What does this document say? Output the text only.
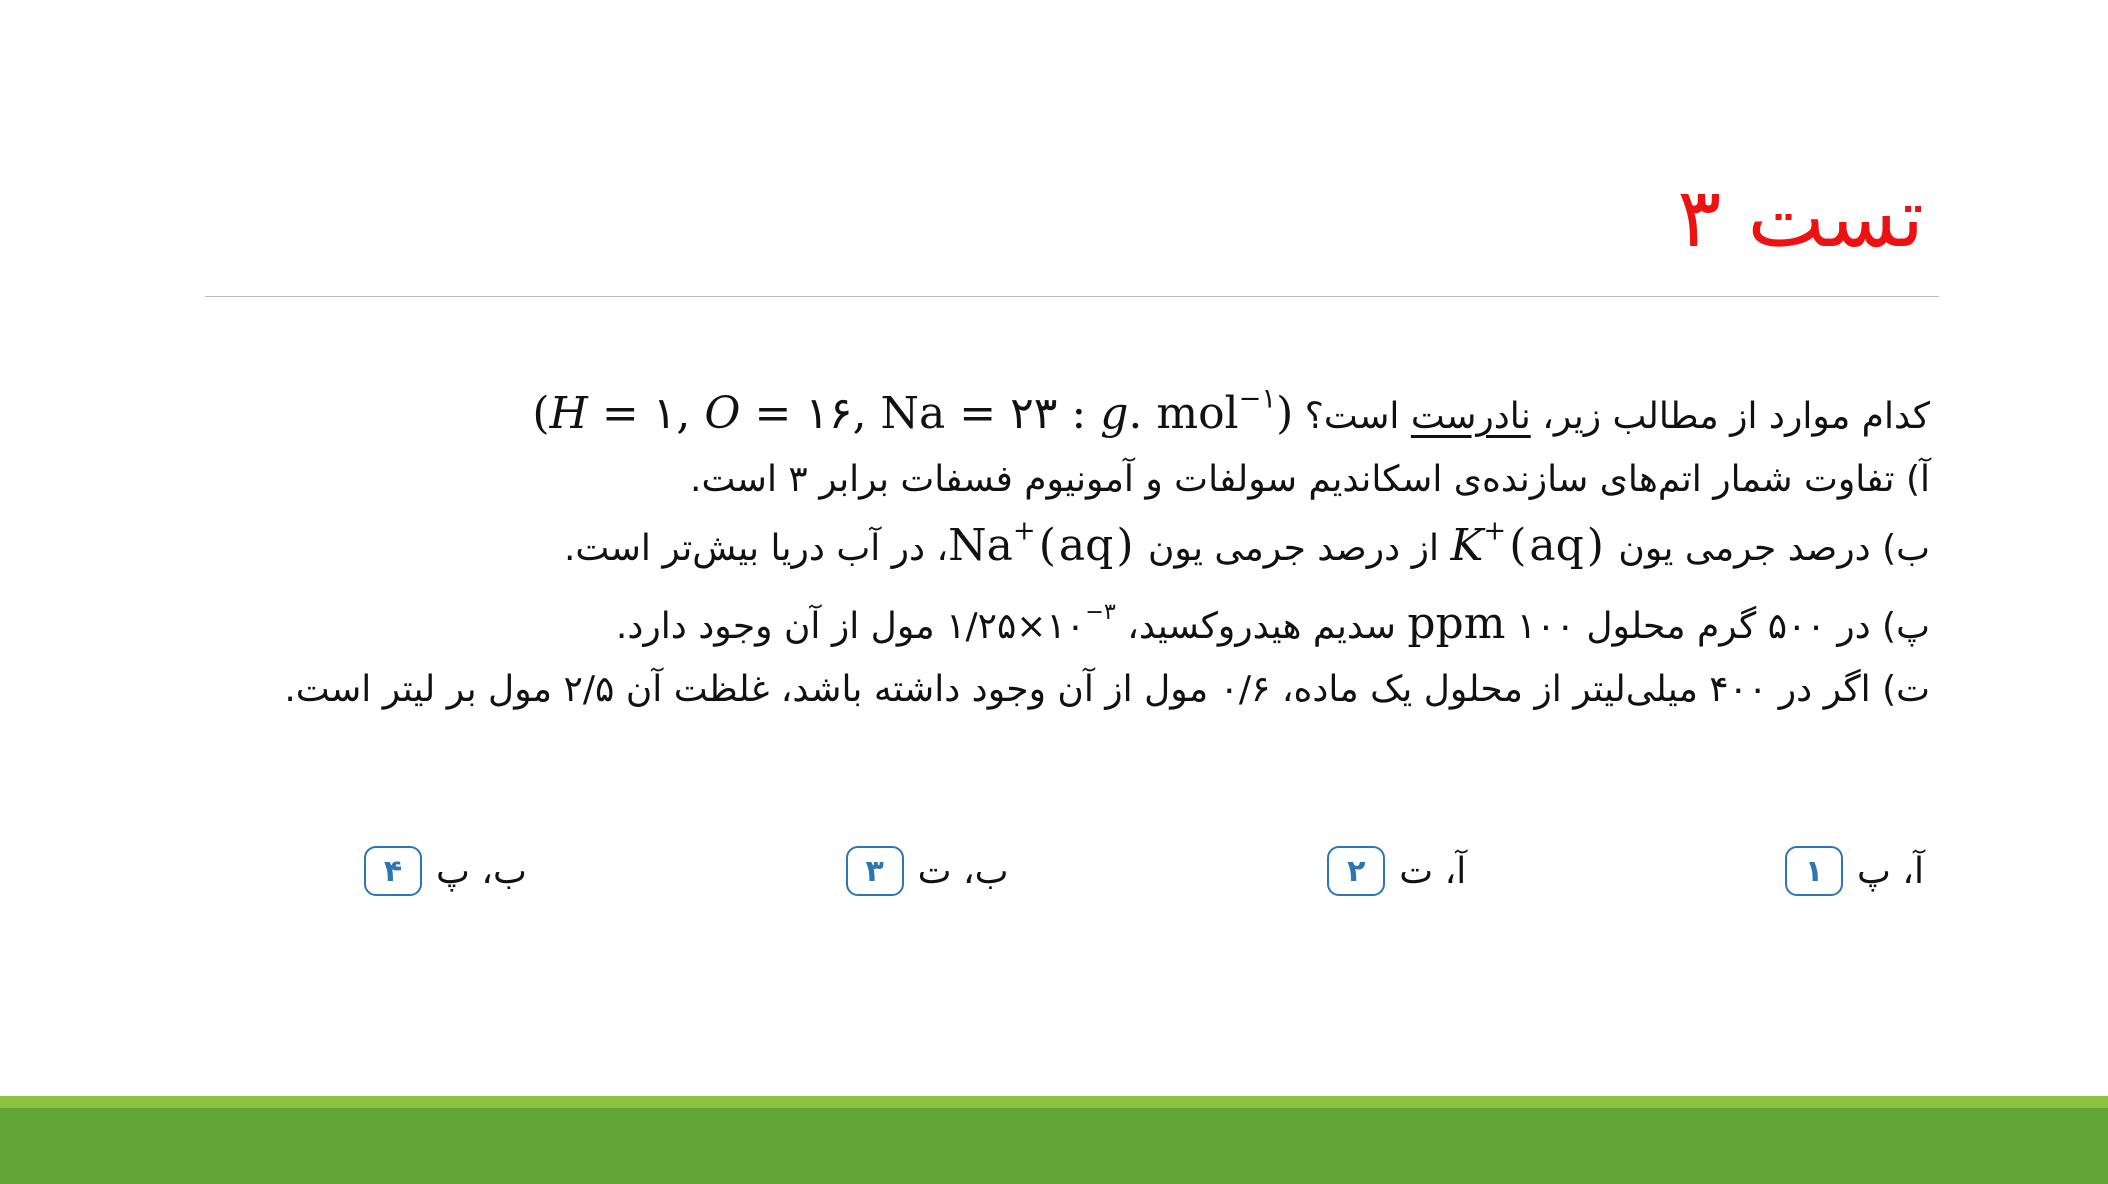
تست ۳
کدام موارد از مطالب زیر، نادرست است؟ (H = ۱, O = ۱۶, Na = ۲۳ : g. mol$^{-۱}$)
آ) تفاوت شمار اتم‌های سازنده‌ی اسکاندیم سولفات و آمونیوم فسفات برابر ۳ است.
ب) درصد جرمی یون K+(aq) از درصد جرمی یون Na+(aq)، در آب دریا بیش‌تر است.
پ) در ۵۰۰ گرم محلول ۱۰۰ ppm سدیم هیدروکسید، $۱/۲۵\times ۱۰^{-۳}$ مول از آن وجود دارد.
ت) اگر در ۴۰۰ میلی‌لیتر از محلول یک ماده، ۰/۶ مول از آن وجود داشته باشد، غلظت آن ۲/۵ مول بر لیتر است.
۱ آ، پ
۲ آ، ت
۳ ب، ت
۴ ب، پ
